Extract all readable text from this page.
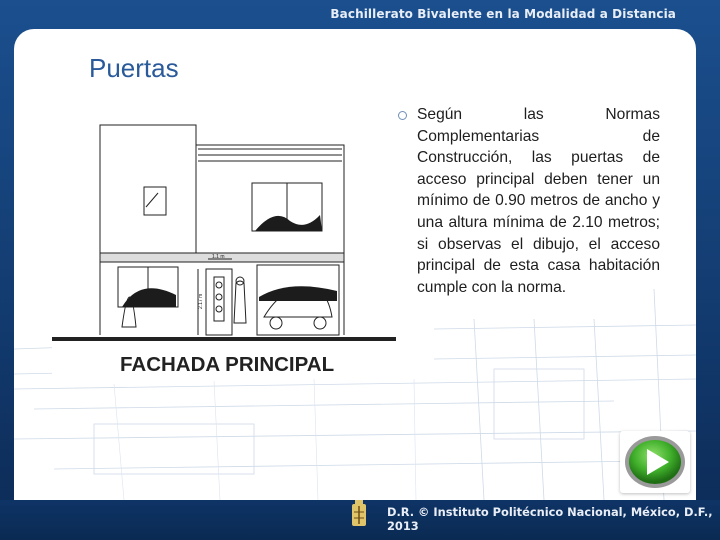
Bachillerato Bivalente en la Modalidad a Distancia
Puertas
1.1 m
2.17 m
FACHADA PRINCIPAL
Según las Normas Complementarias de Construcción, las puertas de acceso principal deben tener un mínimo de 0.90 metros de ancho y una altura mínima de 2.10 metros; si observas el dibujo, el acceso principal de esta casa habitación cumple con la norma.
D.R. © Instituto Politécnico Nacional, México, D.F., 2013
